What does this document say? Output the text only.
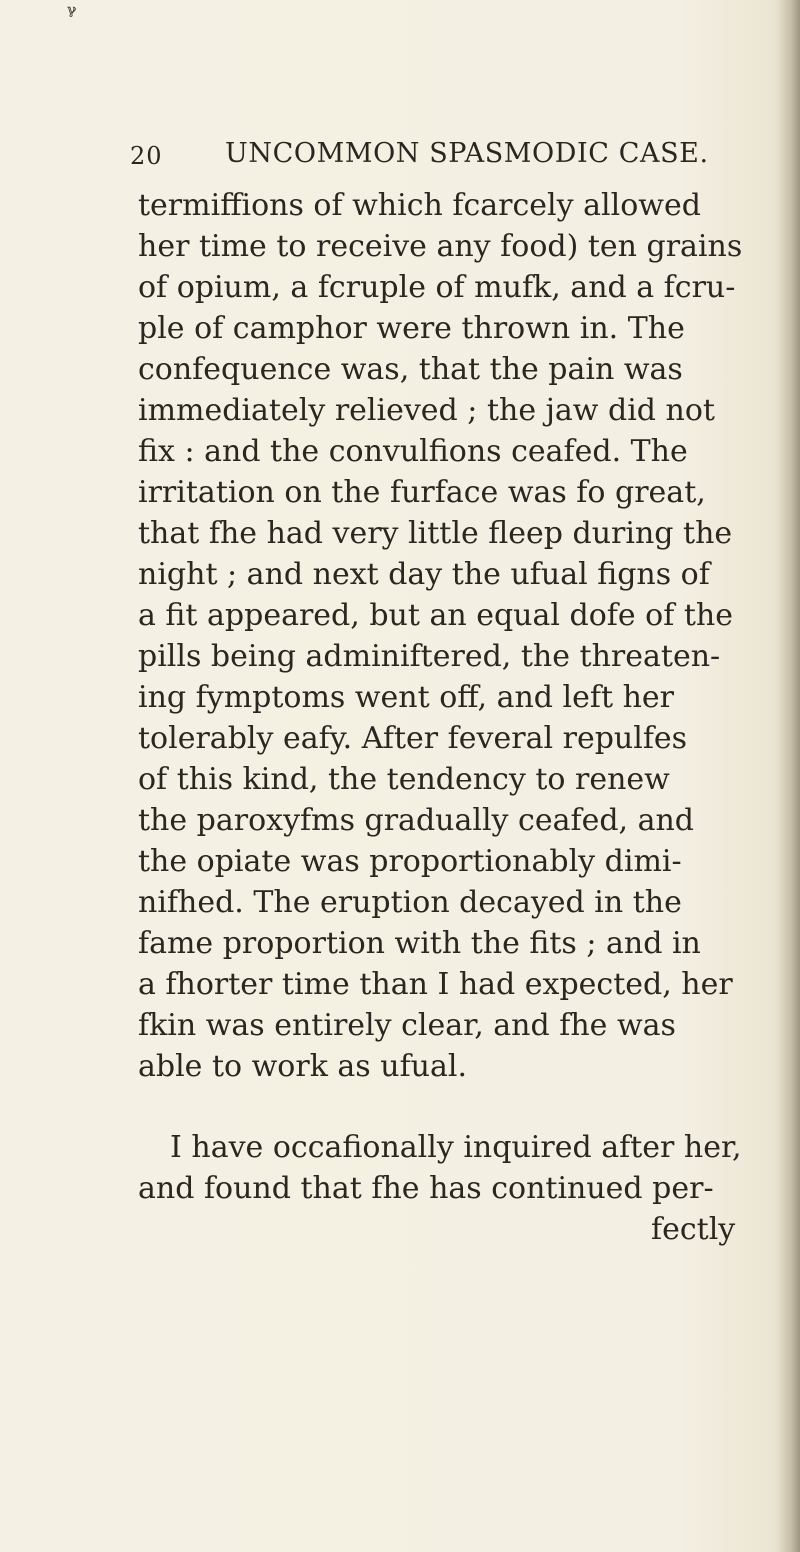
ℽ
20 UNCOMMON SPASMODIC CASE.
termiffions of which fcarcely allowed
her time to receive any food) ten grains
of opium, a fcruple of mufk, and a fcru-
ple of camphor were thrown in. The
confequence was, that the pain was
immediately relieved ; the jaw did not
fix : and the convulfions ceafed. The
irritation on the furface was fo great,
that fhe had very little fleep during the
night ; and next day the ufual figns of
a fit appeared, but an equal dofe of the
pills being adminiftered, the threaten-
ing fymptoms went off, and left her
tolerably eafy. After feveral repulfes
of this kind, the tendency to renew
the paroxyfms gradually ceafed, and
the opiate was proportionably dimi-
nifhed. The eruption decayed in the
fame proportion with the fits ; and in
a fhorter time than I had expected, her
fkin was entirely clear, and fhe was
able to work as ufual.
I have occafionally inquired after her,
and found that fhe has continued per-
fectly
